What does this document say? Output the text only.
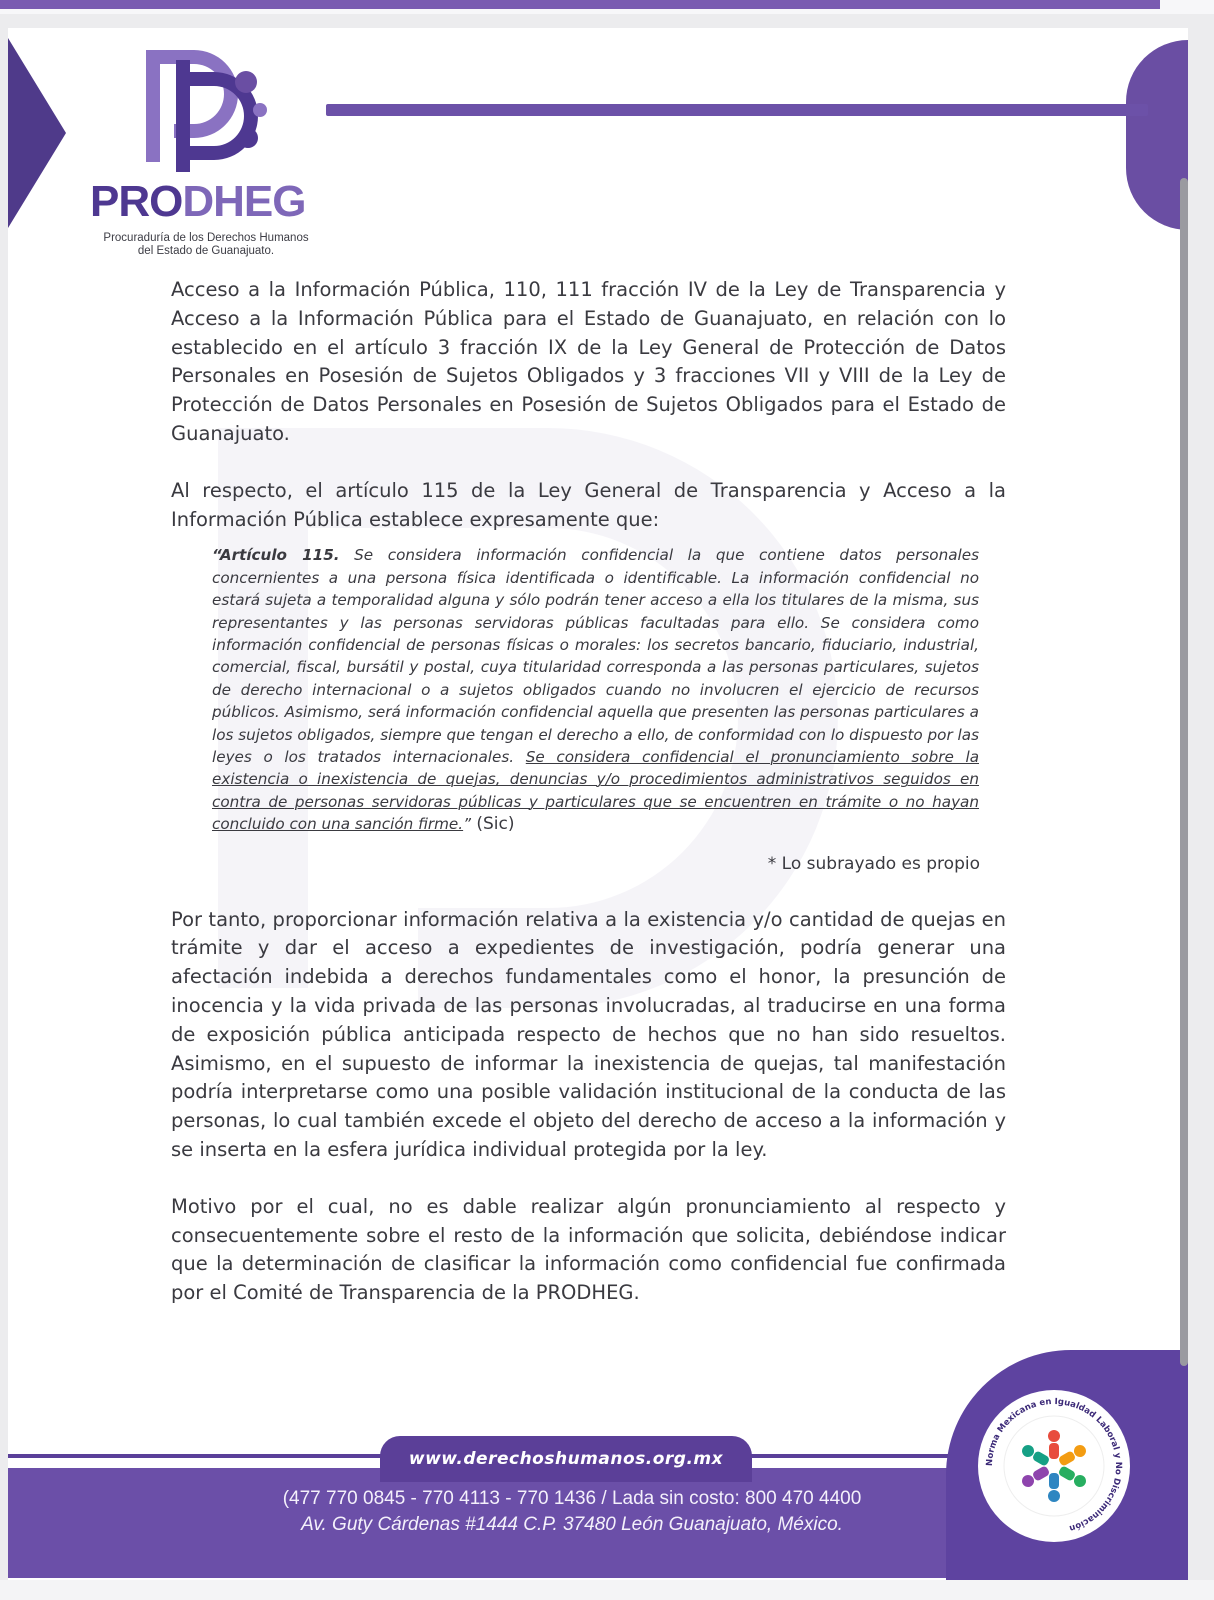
PRODHEG
Procuraduría de los Derechos Humanos
del Estado de Guanajuato.

Acceso a la Información Pública, 110, 111 fracción IV de la Ley de Transparencia y Acceso a la Información Pública para el Estado de Guanajuato, en relación con lo establecido en el artículo 3 fracción IX de la Ley General de Protección de Datos Personales en Posesión de Sujetos Obligados y 3 fracciones VII y VIII de la Ley de Protección de Datos Personales en Posesión de Sujetos Obligados para el Estado de Guanajuato.

Al respecto, el artículo 115 de la Ley General de Transparencia y Acceso a la Información Pública establece expresamente que:

“Artículo 115. Se considera información confidencial la que contiene datos personales concernientes a una persona física identificada o identificable. La información confidencial no estará sujeta a temporalidad alguna y sólo podrán tener acceso a ella los titulares de la misma, sus representantes y las personas servidoras públicas facultadas para ello. Se considera como información confidencial de personas físicas o morales: los secretos bancario, fiduciario, industrial, comercial, fiscal, bursátil y postal, cuya titularidad corresponda a las personas particulares, sujetos de derecho internacional o a sujetos obligados cuando no involucren el ejercicio de recursos públicos. Asimismo, será información confidencial aquella que presenten las personas particulares a los sujetos obligados, siempre que tengan el derecho a ello, de conformidad con lo dispuesto por las leyes o los tratados internacionales. Se considera confidencial el pronunciamiento sobre la existencia o inexistencia de quejas, denuncias y/o procedimientos administrativos seguidos en contra de personas servidoras públicas y particulares que se encuentren en trámite o no hayan concluido con una sanción firme.” (Sic)
* Lo subrayado es propio

Por tanto, proporcionar información relativa a la existencia y/o cantidad de quejas en trámite y dar el acceso a expedientes de investigación, podría generar una afectación indebida a derechos fundamentales como el honor, la presunción de inocencia y la vida privada de las personas involucradas, al traducirse en una forma de exposición pública anticipada respecto de hechos que no han sido resueltos. Asimismo, en el supuesto de informar la inexistencia de quejas, tal manifestación podría interpretarse como una posible validación institucional de la conducta de las personas, lo cual también excede el objeto del derecho de acceso a la información y se inserta en la esfera jurídica individual protegida por la ley.

Motivo por el cual, no es dable realizar algún pronunciamiento al respecto y consecuentemente sobre el resto de la información que solicita, debiéndose indicar que la determinación de clasificar la información como confidencial fue confirmada por el Comité de Transparencia de la PRODHEG.

www.derechoshumanos.org.mx
(477 770 0845 - 770 4113 - 770 1436 / Lada sin costo: 800 470 4400
Av. Guty Cárdenas #1444 C.P. 37480 León Guanajuato, México.
Norma Mexicana en Igualdad Laboral y No Discriminación
